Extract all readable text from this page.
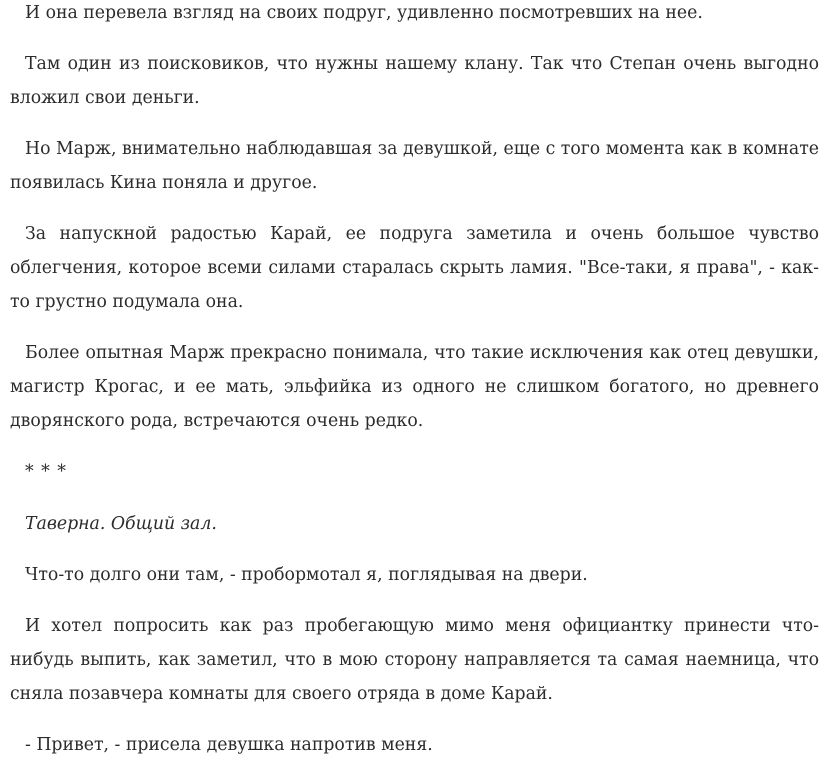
И она перевела взгляд на своих подруг, удивленно посмотревших на нее.

Там один из поисковиков, что нужны нашему клану. Так что Степан очень выгодно вложил свои деньги.

Но Марж, внимательно наблюдавшая за девушкой, еще с того момента как в комнате появилась Кина поняла и другое.

За напускной радостью Карай, ее подруга заметила и очень большое чувство облегчения, которое всеми силами старалась скрыть ламия. "Все-таки, я права", - как-то грустно подумала она.

Более опытная Марж прекрасно понимала, что такие исключения как отец девушки, магистр Крогас, и ее мать, эльфийка из одного не слишком богатого, но древнего дворянского рода, встречаются очень редко.

* * *

Таверна. Общий зал.

Что-то долго они там, - пробормотал я, поглядывая на двери.

И хотел попросить как раз пробегающую мимо меня официантку принести что-нибудь выпить, как заметил, что в мою сторону направляется та самая наемница, что сняла позавчера комнаты для своего отряда в доме Карай.

- Привет, - присела девушка напротив меня.
